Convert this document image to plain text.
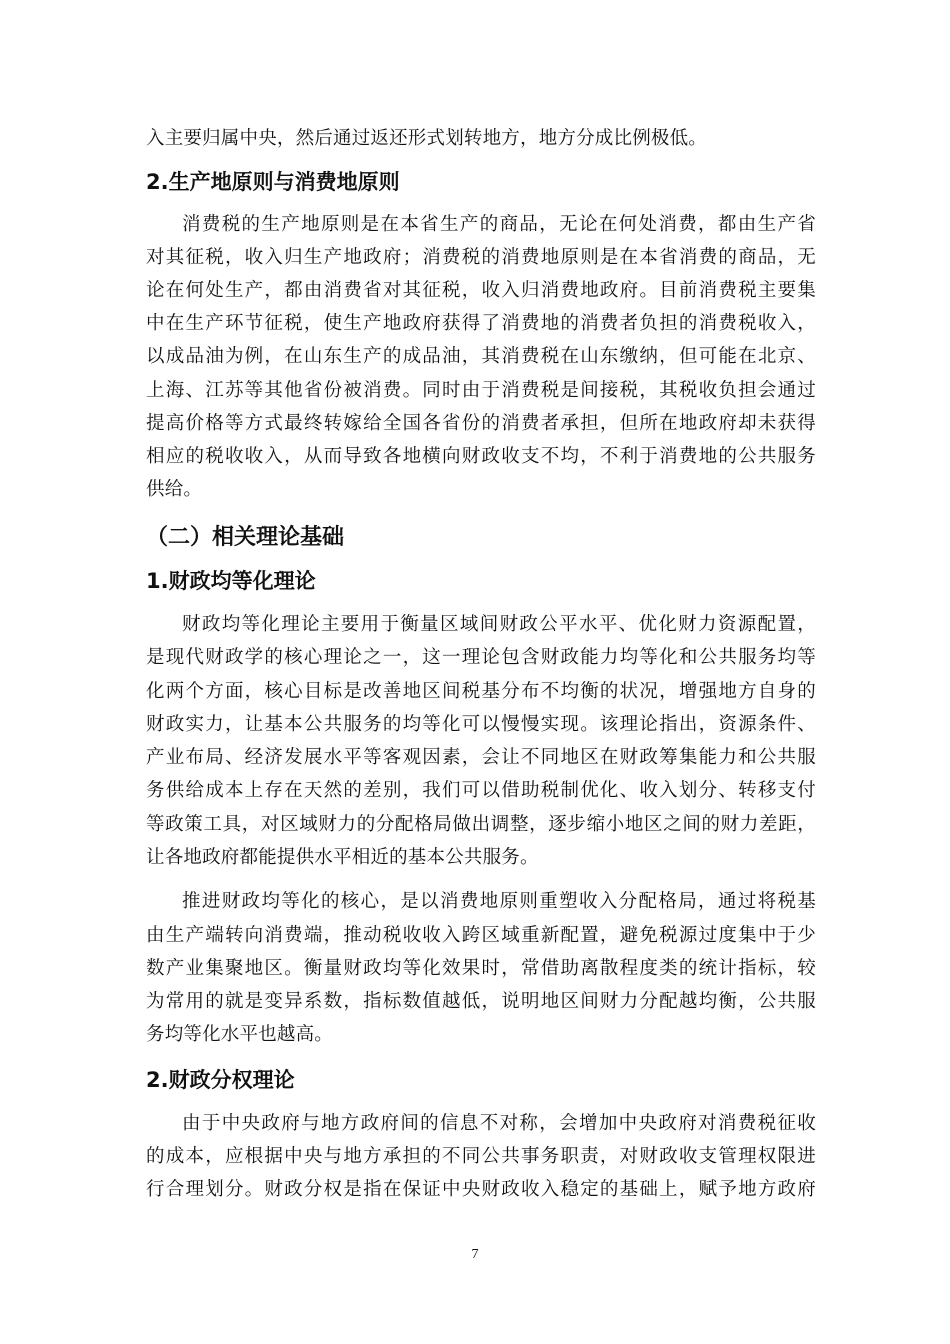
入主要归属中央，然后通过返还形式划转地方，地方分成比例极低。
2.生产地原则与消费地原则
消费税的生产地原则是在本省生产的商品，无论在何处消费，都由生产省
对其征税，收入归生产地政府；消费税的消费地原则是在本省消费的商品，无
论在何处生产，都由消费省对其征税，收入归消费地政府。目前消费税主要集
中在生产环节征税，使生产地政府获得了消费地的消费者负担的消费税收入，
以成品油为例，在山东生产的成品油，其消费税在山东缴纳，但可能在北京、
上海、江苏等其他省份被消费。同时由于消费税是间接税，其税收负担会通过
提高价格等方式最终转嫁给全国各省份的消费者承担，但所在地政府却未获得
相应的税收收入，从而导致各地横向财政收支不均，不利于消费地的公共服务
供给。
（二）相关理论基础
1.财政均等化理论
财政均等化理论主要用于衡量区域间财政公平水平、优化财力资源配置，
是现代财政学的核心理论之一，这一理论包含财政能力均等化和公共服务均等
化两个方面，核心目标是改善地区间税基分布不均衡的状况，增强地方自身的
财政实力，让基本公共服务的均等化可以慢慢实现。该理论指出，资源条件、
产业布局、经济发展水平等客观因素，会让不同地区在财政筹集能力和公共服
务供给成本上存在天然的差别，我们可以借助税制优化、收入划分、转移支付
等政策工具，对区域财力的分配格局做出调整，逐步缩小地区之间的财力差距，
让各地政府都能提供水平相近的基本公共服务。
推进财政均等化的核心，是以消费地原则重塑收入分配格局，通过将税基
由生产端转向消费端，推动税收收入跨区域重新配置，避免税源过度集中于少
数产业集聚地区。衡量财政均等化效果时，常借助离散程度类的统计指标，较
为常用的就是变异系数，指标数值越低，说明地区间财力分配越均衡，公共服
务均等化水平也越高。
2.财政分权理论
由于中央政府与地方政府间的信息不对称，会增加中央政府对消费税征收
的成本，应根据中央与地方承担的不同公共事务职责，对财政收支管理权限进
行合理划分。财政分权是指在保证中央财政收入稳定的基础上，赋予地方政府
7
